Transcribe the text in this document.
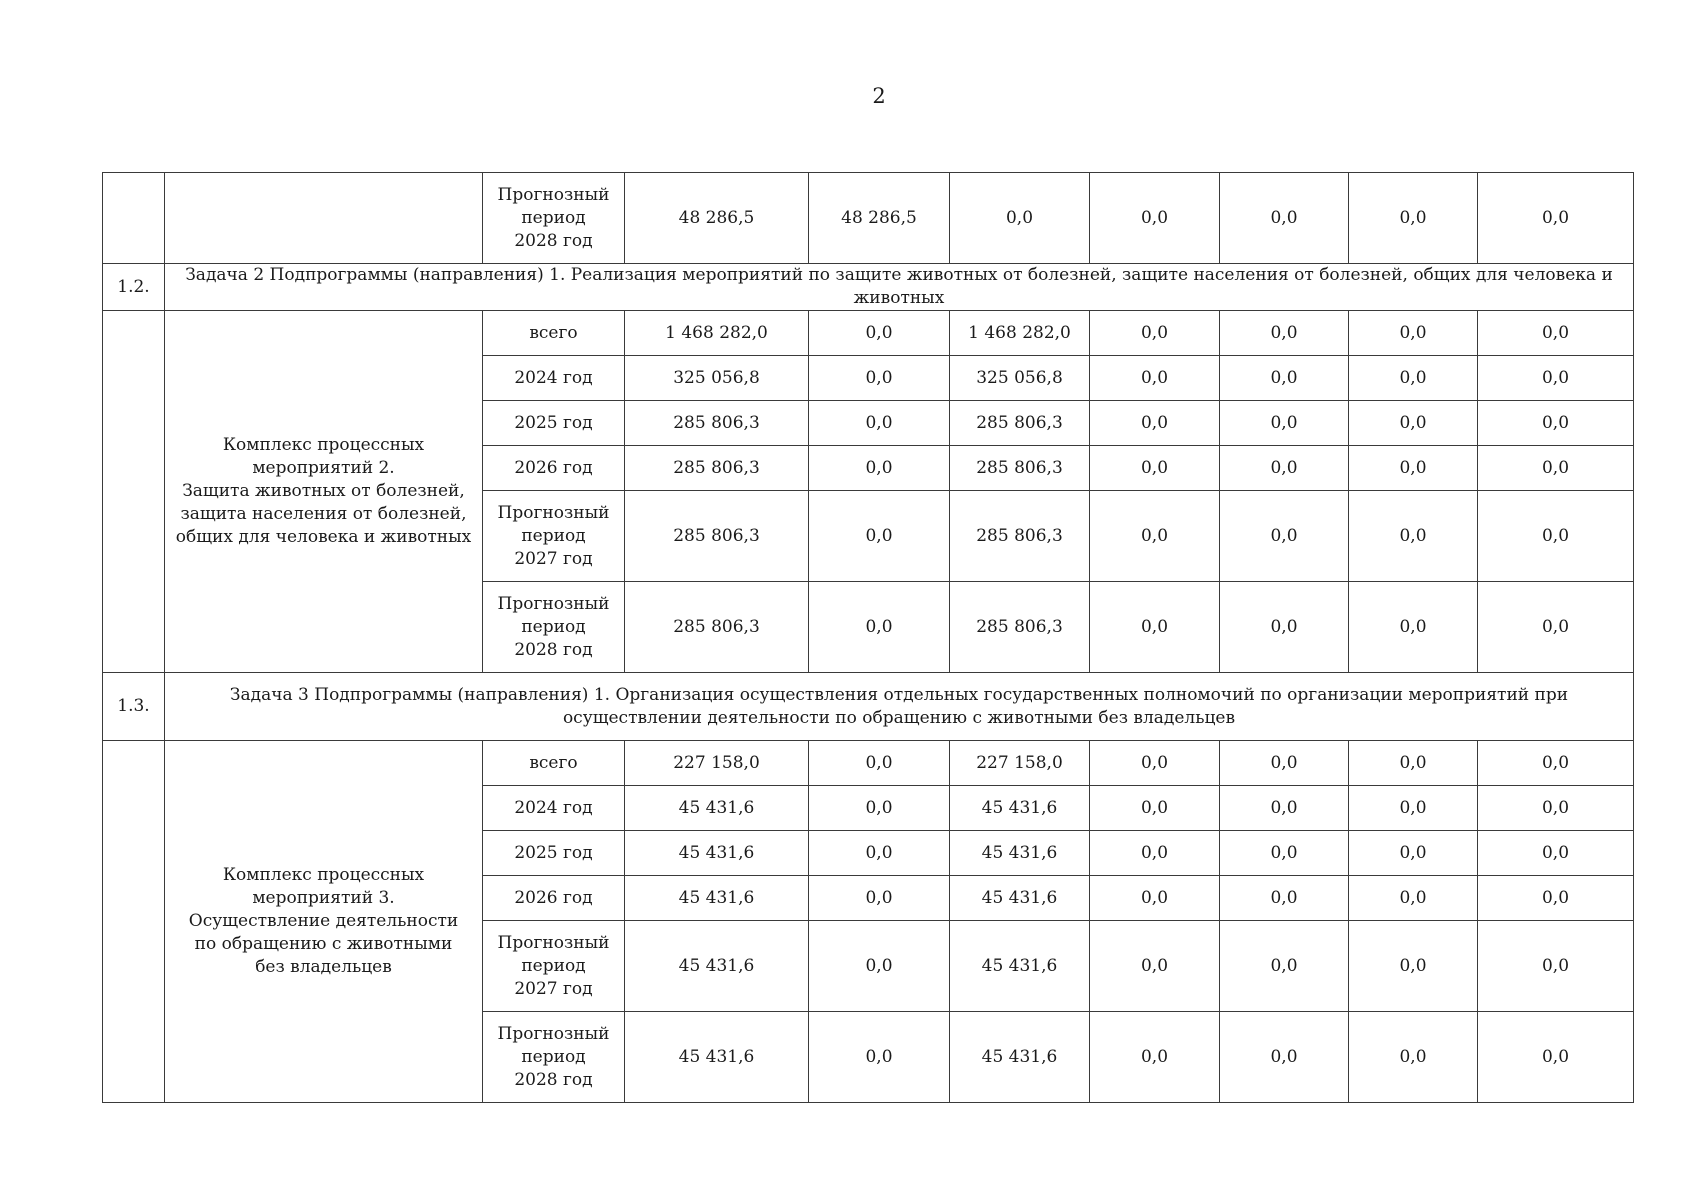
2

		Прогнозный
период
2028 год	48 286,5	48 286,5	0,0	0,0	0,0	0,0	0,0
1.2.	Задача 2 Подпрограммы (направления) 1. Реализация мероприятий по защите животных от болезней, защите населения от болезней, общих для человека и животных								

	Комплекс процессных
мероприятий 2.
Защита животных от болезней,
защита населения от болезней,
общих для человека и животных	всего	1 468 282,0	0,0	1 468 282,0	0,0	0,0	0,0	0,0

		2024 год	325 056,8	0,0	325 056,8	0,0	0,0	0,0	0,0

		2025 год	285 806,3	0,0	285 806,3	0,0	0,0	0,0	0,0

		2026 год	285 806,3	0,0	285 806,3	0,0	0,0	0,0	0,0

		Прогнозный
период
2027 год	285 806,3	0,0	285 806,3	0,0	0,0	0,0	0,0

		Прогнозный
период
2028 год	285 806,3	0,0	285 806,3	0,0	0,0	0,0	0,0
1.3.	Задача 3 Подпрограммы (направления) 1. Организация осуществления отдельных государственных полномочий по организации мероприятий при осуществлении деятельности по обращению с животными без владельцев								

	Комплекс процессных
мероприятий 3.
Осуществление деятельности
по обращению с животными
без владельцев	всего	227 158,0	0,0	227 158,0	0,0	0,0	0,0	0,0

		2024 год	45 431,6	0,0	45 431,6	0,0	0,0	0,0	0,0

		2025 год	45 431,6	0,0	45 431,6	0,0	0,0	0,0	0,0

		2026 год	45 431,6	0,0	45 431,6	0,0	0,0	0,0	0,0

		Прогнозный
период
2027 год	45 431,6	0,0	45 431,6	0,0	0,0	0,0	0,0

		Прогнозный
период
2028 год	45 431,6	0,0	45 431,6	0,0	0,0	0,0	0,0
